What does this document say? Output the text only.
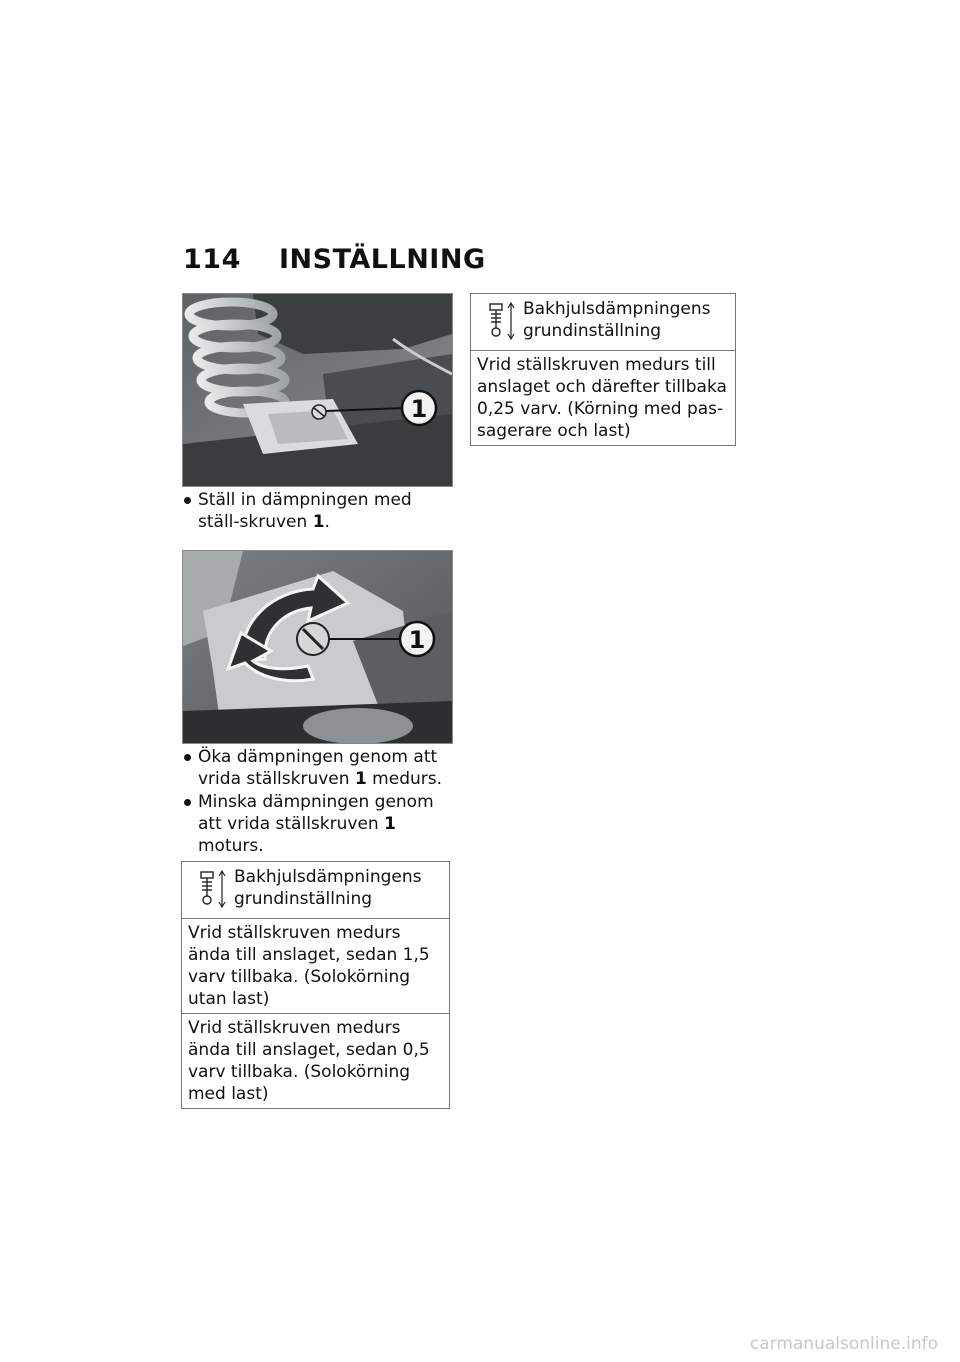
114 INSTÄLLNING
1
Ställ in dämpningen med ställ-skruven 1.
1
Öka dämpningen genom att vrida ställskruven 1 medurs.
Minska dämpningen genom att vrida ställskruven 1 moturs.
Bakhjulsdämpningens
grundinställning
Vrid ställskruven medurs ända till anslaget, sedan 1,5 varv tillbaka. (Solokörning utan last)
Vrid ställskruven medurs ända till anslaget, sedan 0,5 varv tillbaka. (Solokörning med last)
Bakhjulsdämpningens
grundinställning
Vrid ställskruven medurs till anslaget och därefter tillbaka 0,25 varv. (Körning med pas-sagerare och last)
carmanualsonline.info
